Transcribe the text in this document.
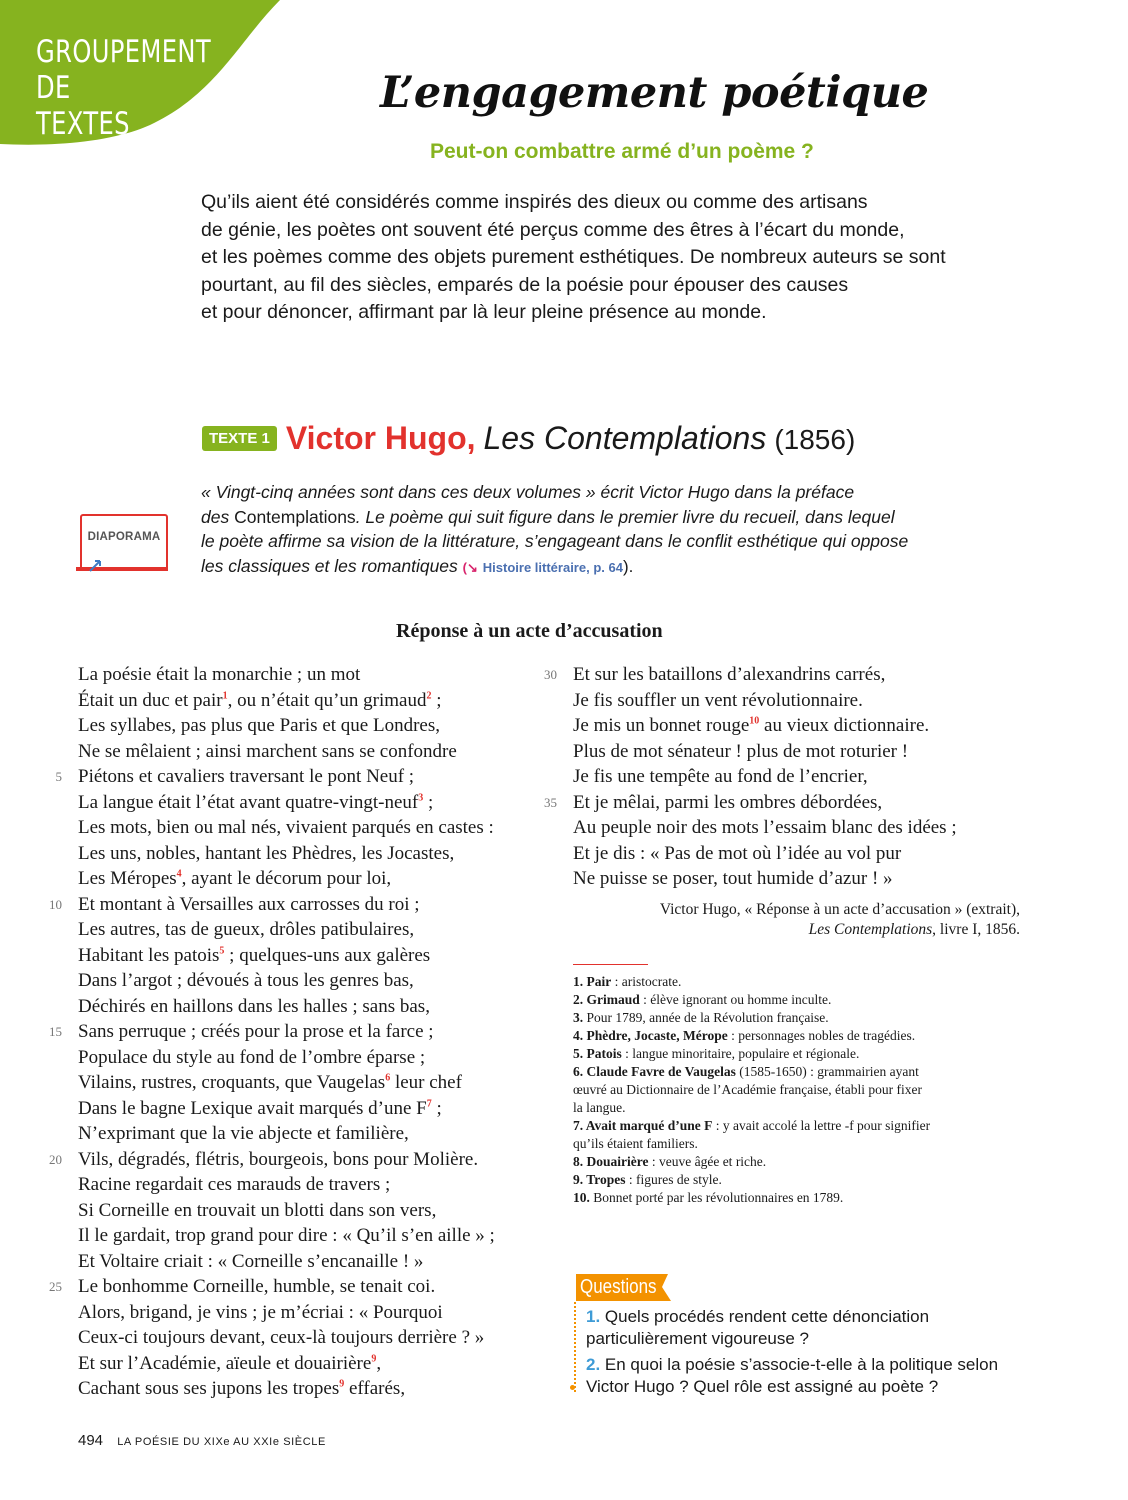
GROUPEMENT
DE TEXTES 9
L’engagement poétique
Peut-on combattre armé d’un poème ?

Qu’ils aient été considérés comme inspirés des dieux ou comme des artisans

de génie, les poètes ont souvent été perçus comme des êtres à l’écart du monde,

et les poèmes comme des objets purement esthétiques. De nombreux auteurs se sont

pourtant, au fil des siècles, emparés de la poésie pour épouser des causes

et pour dénoncer, affirmant par là leur pleine présence au monde.

TEXTE 1 Victor Hugo, Les Contemplations (1856)
DIAPORAMA

« Vingt-cinq années sont dans ces deux volumes » écrit Victor Hugo dans la préface

des Contemplations. Le poème qui suit figure dans le premier livre du recueil, dans lequel

le poète affirme sa vision de la littérature, s’engageant dans le conflit esthétique qui oppose

les classiques et les romantiques (↘ Histoire littéraire, p. 64).

Réponse à un acte d’accusation
La poésie était la monarchie ; un mot
Était un duc et pair$^1$, ou n’était qu’un grimaud$^2$ ;
Les syllabes, pas plus que Paris et que Londres,
Ne se mêlaient ; ainsi marchent sans se confondre
5 Piétons et cavaliers traversant le pont Neuf ;
La langue était l’état avant quatre-vingt-neuf$^3$ ;
Les mots, bien ou mal nés, vivaient parqués en castes :
Les uns, nobles, hantant les Phèdres, les Jocastes,
Les Méropes$^4$, ayant le décorum pour loi,
10 Et montant à Versailles aux carrosses du roi ;
Les autres, tas de gueux, drôles patibulaires,
Habitant les patois$^5$ ; quelques-uns aux galères
Dans l’argot ; dévoués à tous les genres bas,
Déchirés en haillons dans les halles ; sans bas,
15 Sans perruque ; créés pour la prose et la farce ;
Populace du style au fond de l’ombre éparse ;
Vilains, rustres, croquants, que Vaugelas$^6$ leur chef
Dans le bagne Lexique avait marqués d’une $F^7$ ;
N’exprimant que la vie abjecte et familière,
20 Vils, dégradés, flétris, bourgeois, bons pour Molière.
Racine regardait ces marauds de travers ;
Si Corneille en trouvait un blotti dans son vers,
Il le gardait, trop grand pour dire : « Qu’il s’en aille » ;
Et Voltaire criait : « Corneille s’encanaille ! »
25 Le bonhomme Corneille, humble, se tenait coi.
Alors, brigand, je vins ; je m’écriai : « Pourquoi
Ceux-ci toujours devant, ceux-là toujours derrière ? »
Et sur l’Académie, aïeule et douairière$^9$,
Cachant sous ses jupons les tropes$^9$ effarés,
30 Et sur les bataillons d’alexandrins carrés,
Je fis souffler un vent révolutionnaire.
Je mis un bonnet rouge$^{10}$ au vieux dictionnaire.
Plus de mot sénateur ! plus de mot roturier !
Je fis une tempête au fond de l’encrier,
35 Et je mêlai, parmi les ombres débordées,
Au peuple noir des mots l’essaim blanc des idées ;
Et je dis : « Pas de mot où l’idée au vol pur
Ne puisse se poser, tout humide d’azur ! »

Victor Hugo, « Réponse à un acte d’accusation » (extrait),

Les Contemplations, livre I, 1856.

1. Pair : aristocrate.
2. Grimaud : élève ignorant ou homme inculte.
3. Pour 1789, année de la Révolution française.
4. Phèdre, Jocaste, Mérope : personnages nobles de tragédies.
5. Patois : langue minoritaire, populaire et régionale.
6. Claude Favre de Vaugelas (1585-1650) : grammairien ayant
œuvré au Dictionnaire de l’Académie française, établi pour fixer
la langue.
7. Avait marqué d’une F : y avait accolé la lettre -f pour signifier
qu’ils étaient familiers.
8. Douairière : veuve âgée et riche.
9. Tropes : figures de style.
10. Bonnet porté par les révolutionnaires en 1789.
Questions

1. Quels procédés rendent cette dénonciation

particulièrement vigoureuse ?

2. En quoi la poésie s’associe-t-elle à la politique selon

Victor Hugo ? Quel rôle est assigné au poète ?

494 LA POÉSIE DU XIXe AU XXIe SIÈCLE
